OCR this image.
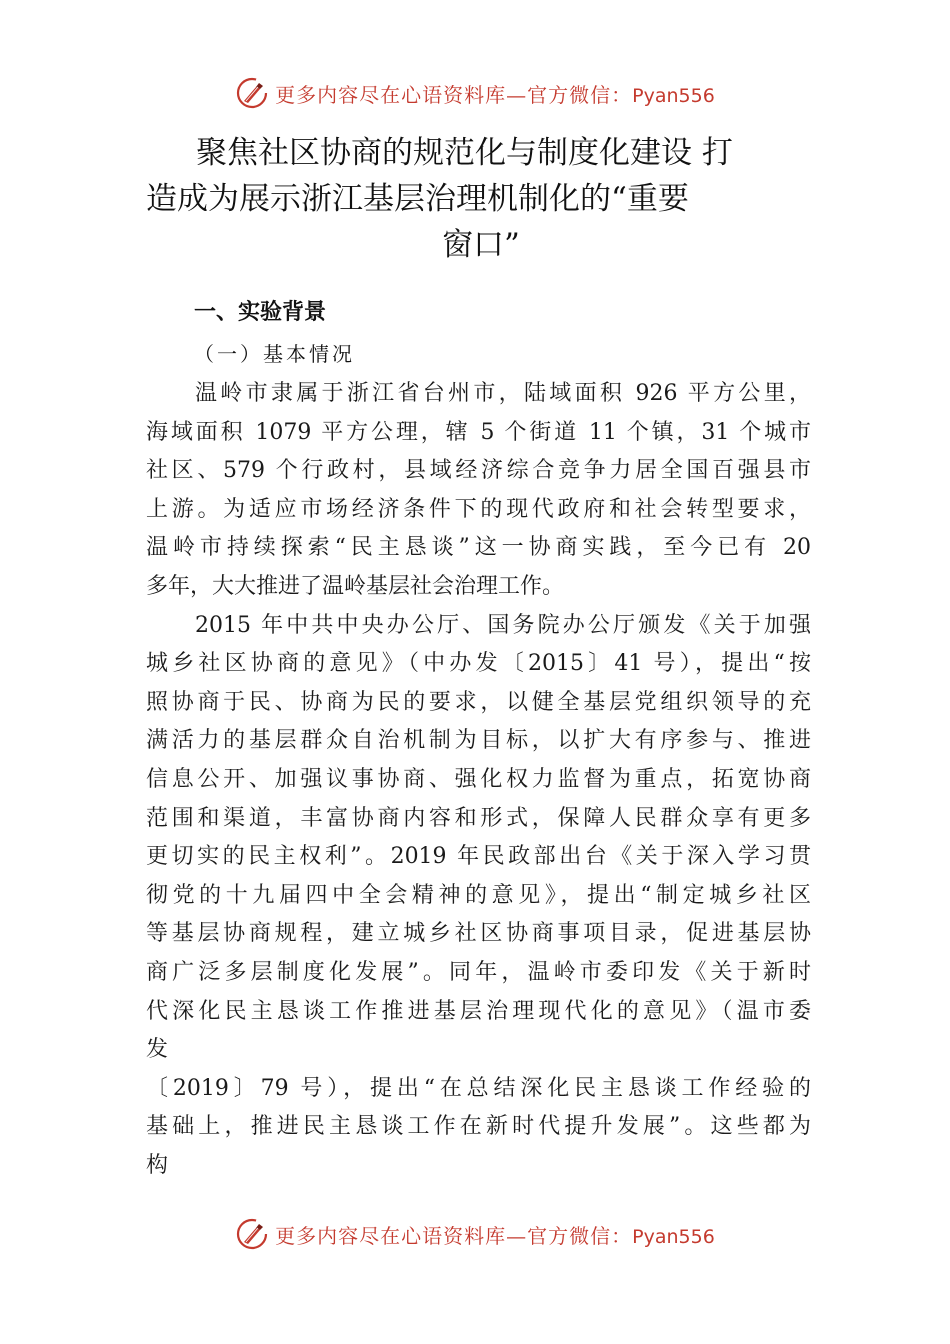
更多内容尽在心语资料库—官方微信：Pyan556
聚焦社区协商的规范化与制度化建设 打
造成为展示浙江基层治理机制化的“重要
窗口”
一、实验背景
（一）基本情况
温岭市隶属于浙江省台州市，陆域面积 926 平方公里，
海域面积 1079 平方公理，辖 5 个街道 11 个镇，31 个城市
社区、579 个行政村，县域经济综合竞争力居全国百强县市
上游。为适应市场经济条件下的现代政府和社会转型要求，
温岭市持续探索“民主恳谈”这一协商实践，至今已有 20
多年，大大推进了温岭基层社会治理工作。
2015 年中共中央办公厅、国务院办公厅颁发《关于加强
城乡社区协商的意见》（中办发〔2015〕41 号），提出“按
照协商于民、协商为民的要求，以健全基层党组织领导的充
满活力的基层群众自治机制为目标，以扩大有序参与、推进
信息公开、加强议事协商、强化权力监督为重点，拓宽协商
范围和渠道，丰富协商内容和形式，保障人民群众享有更多
更切实的民主权利”。2019 年民政部出台《关于深入学习贯
彻党的十九届四中全会精神的意见》，提出“制定城乡社区
等基层协商规程，建立城乡社区协商事项目录，促进基层协
商广泛多层制度化发展”。同年，温岭市委印发《关于新时
代深化民主恳谈工作推进基层治理现代化的意见》（温市委
发
〔2019〕79 号），提出“在总结深化民主恳谈工作经验的
基础上，推进民主恳谈工作在新时代提升发展”。这些都为
构
更多内容尽在心语资料库—官方微信：Pyan556
